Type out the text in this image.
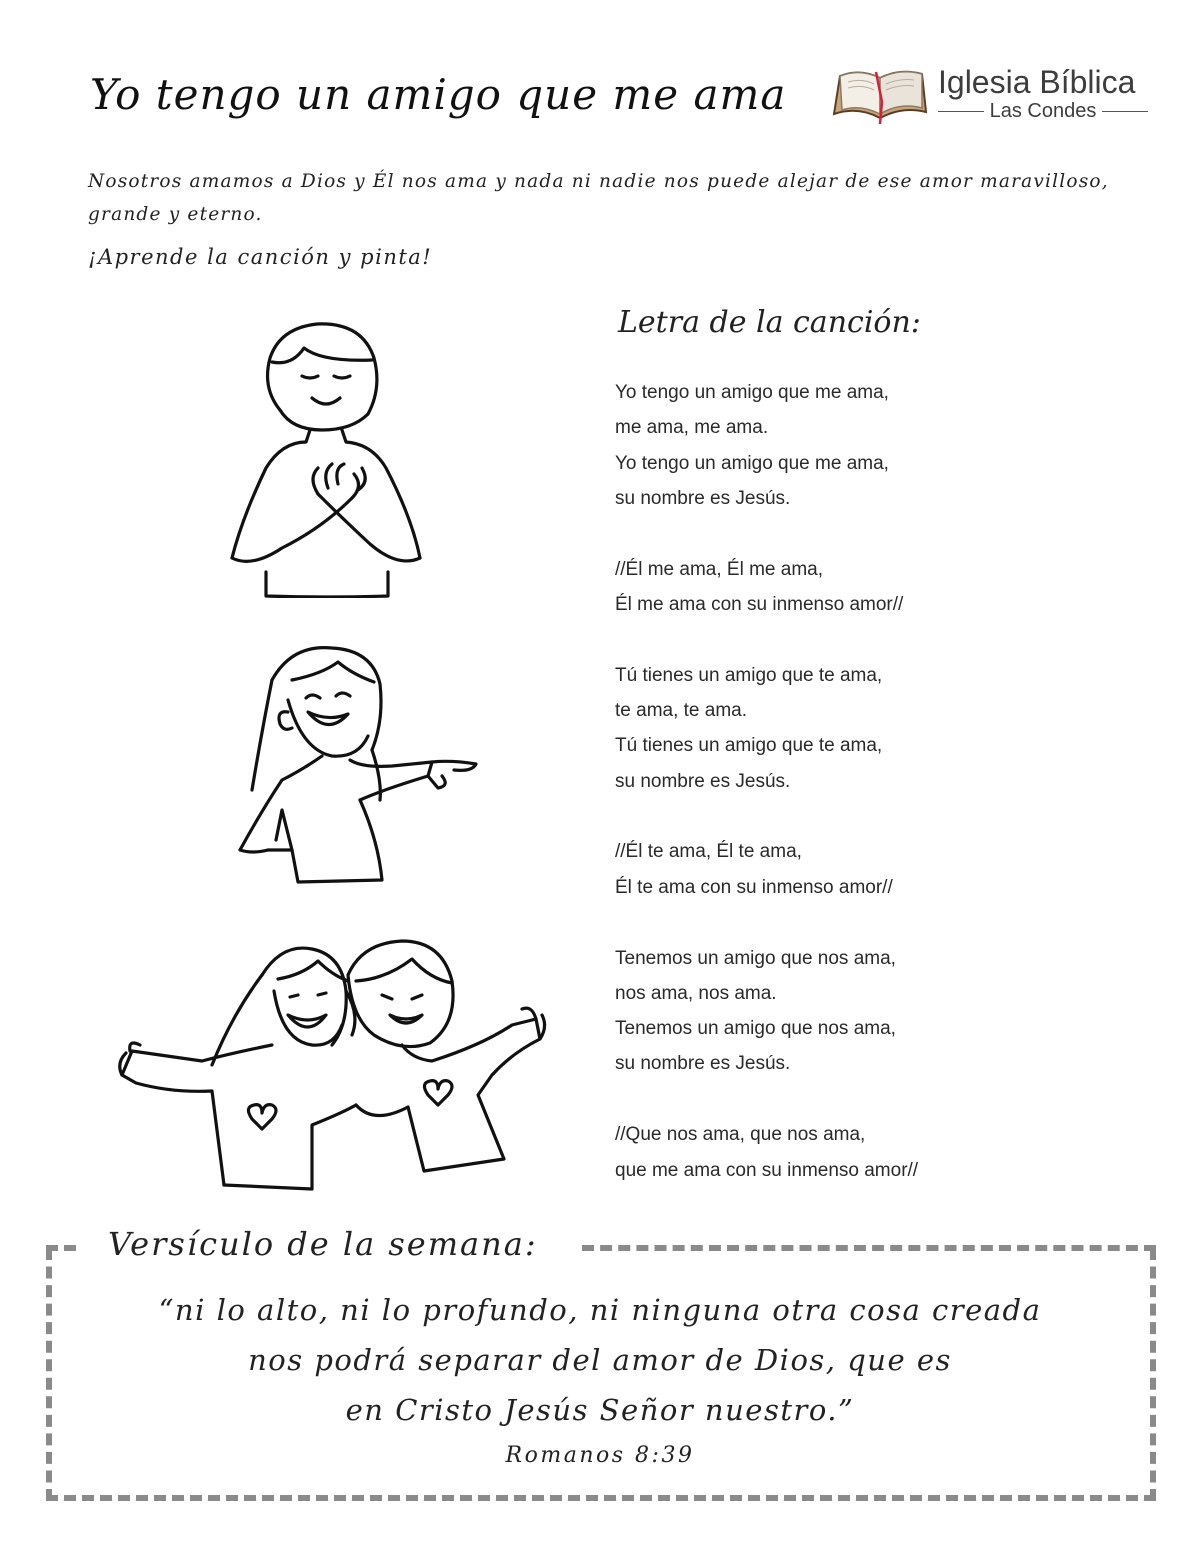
Yo tengo un amigo que me ama	Iglesia Bíblica
Las Condes

Nosotros amamos a Dios y Él nos ama y nada ni nadie nos puede alejar de ese amor maravilloso, grande y eterno.

¡Aprende la canción y pinta!

Letra de la canción:

Yo tengo un amigo que me ama,

me ama, me ama.

Yo tengo un amigo que me ama,

su nombre es Jesús.

//Él me ama, Él me ama,

Él me ama con su inmenso amor//

Tú tienes un amigo que te ama,

te ama, te ama.

Tú tienes un amigo que te ama,

su nombre es Jesús.

//Él te ama, Él te ama,

Él te ama con su inmenso amor//

Tenemos un amigo que nos ama,

nos ama, nos ama.

Tenemos un amigo que nos ama,

su nombre es Jesús.

//Que nos ama, que nos ama,

que me ama con su inmenso amor//

Versículo de la semana:

“ni lo alto, ni lo profundo, ni ninguna otra cosa creada

nos podrá separar del amor de Dios, que es

en Cristo Jesús Señor nuestro.”

Romanos 8:39
